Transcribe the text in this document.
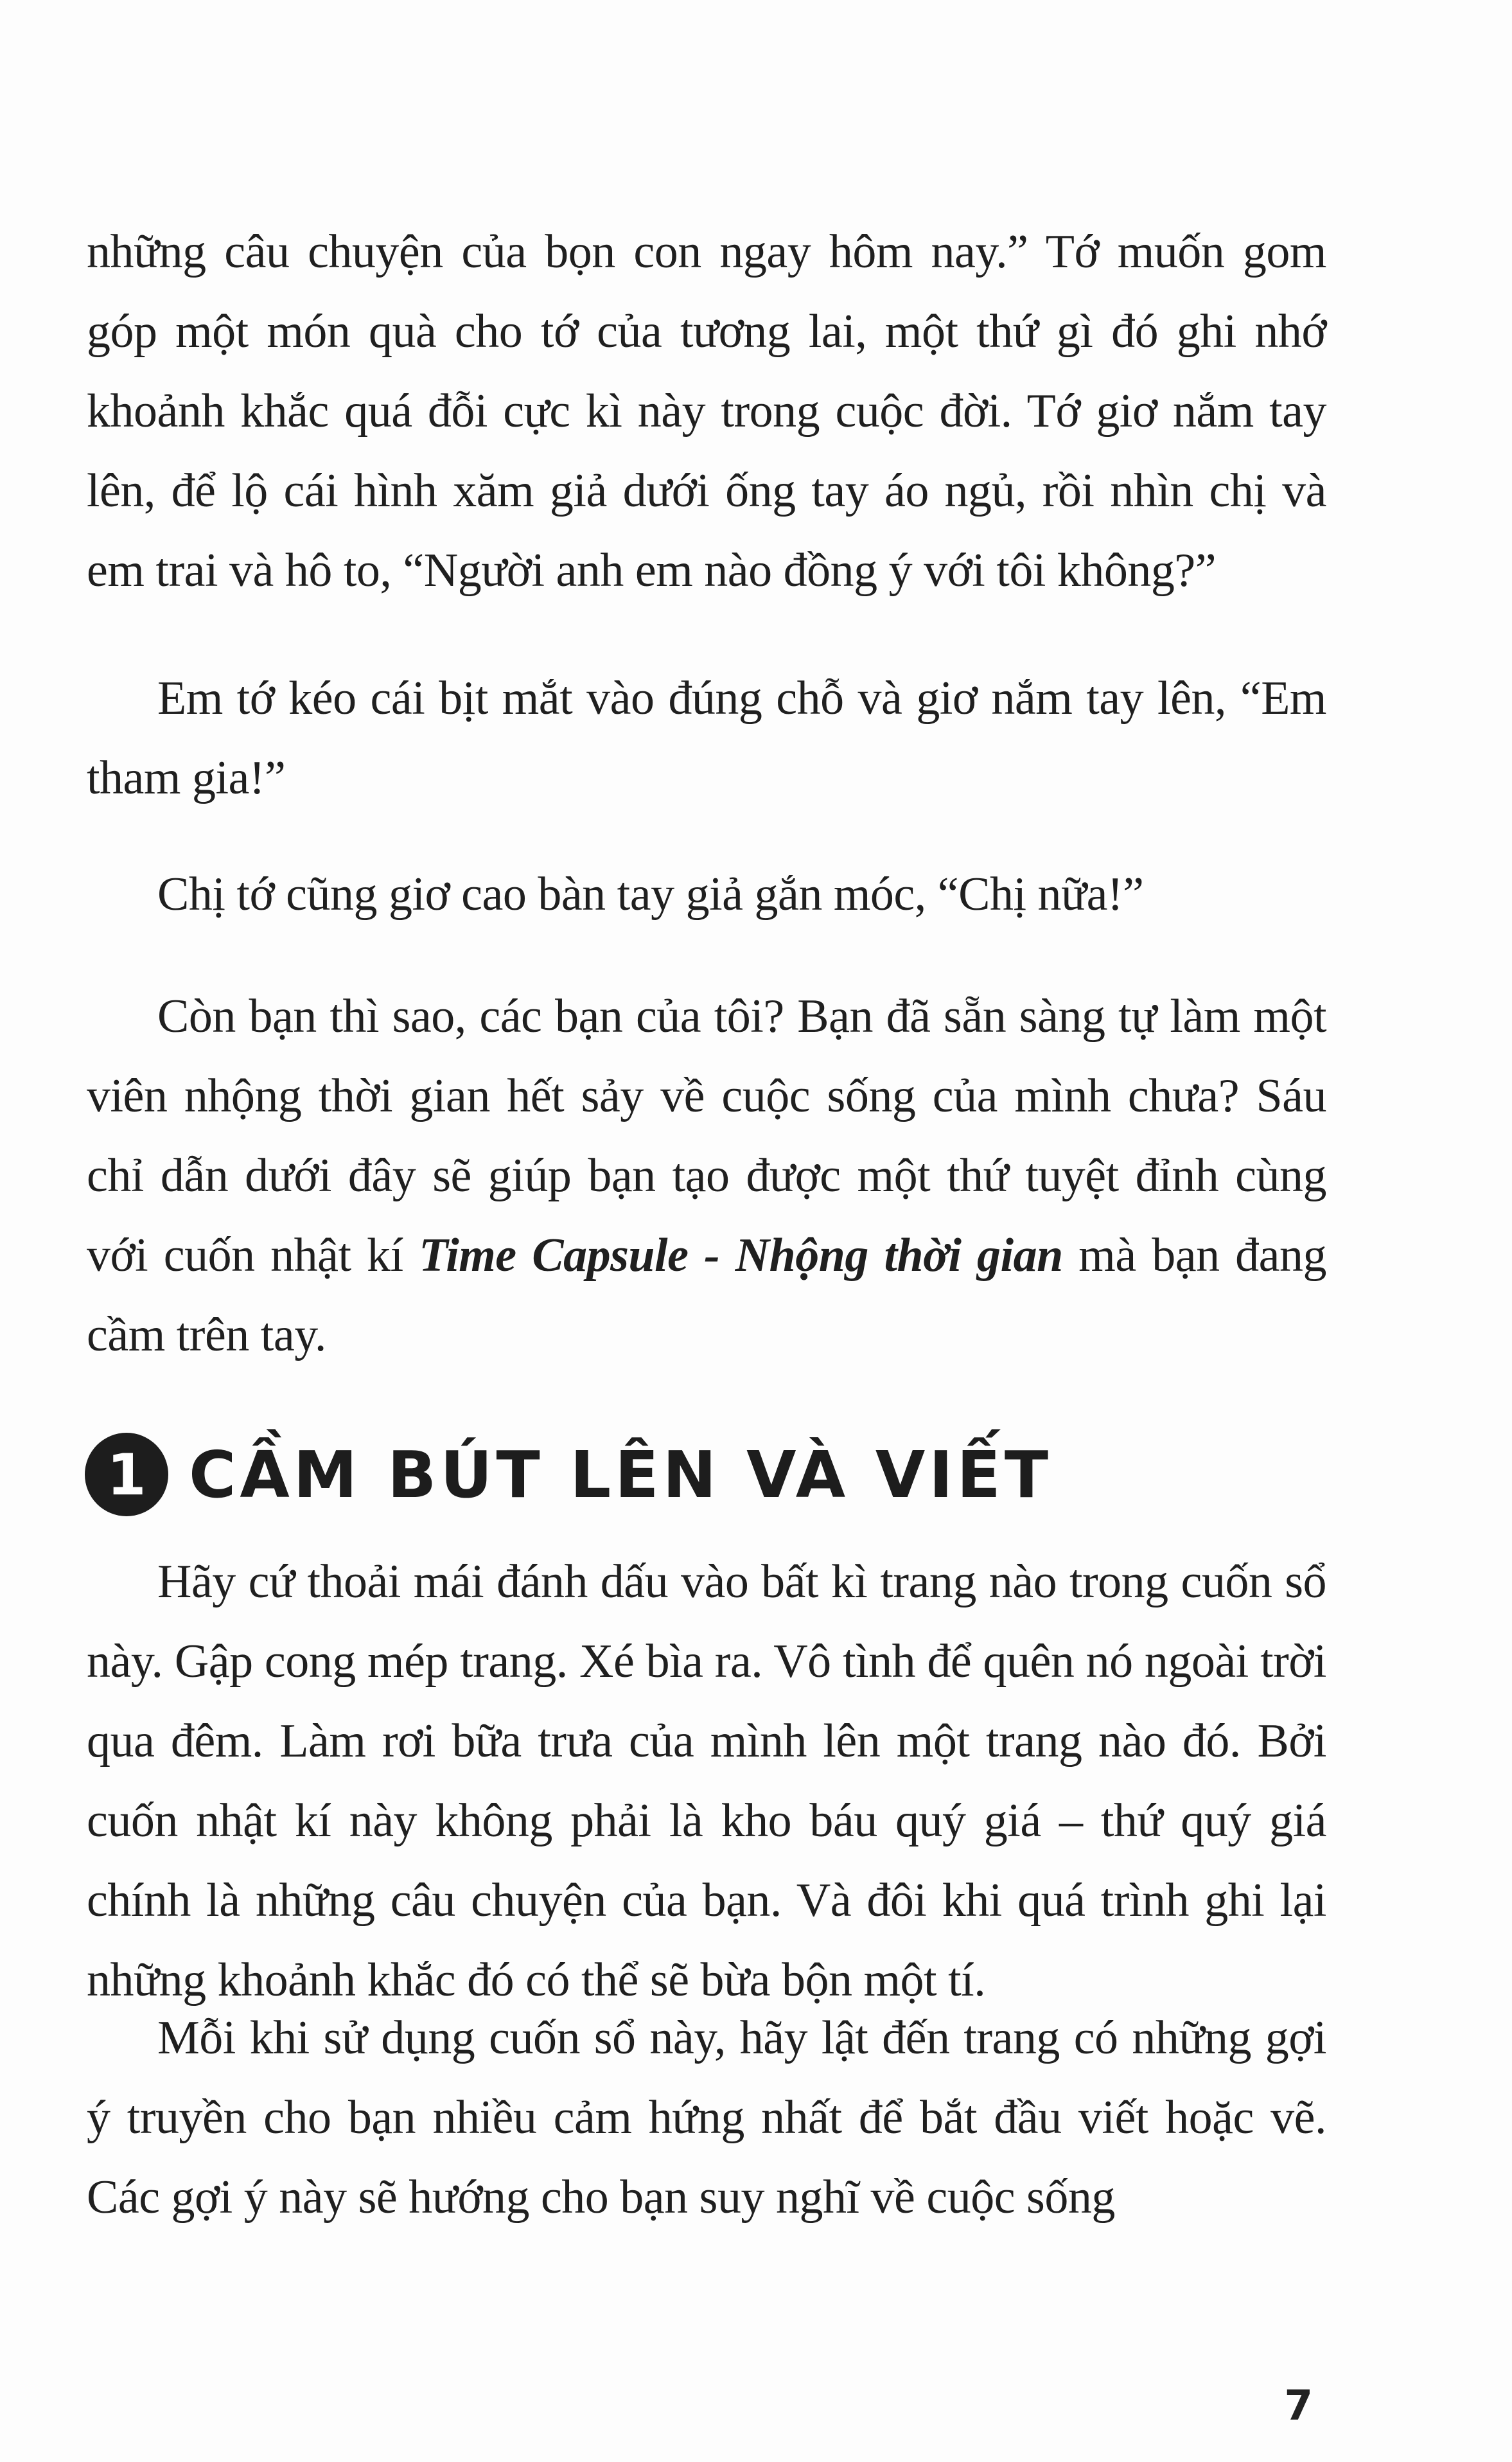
những câu chuyện của bọn con ngay hôm nay.” Tớ muốn gom góp một món quà cho tớ của tương lai, một thứ gì đó ghi nhớ khoảnh khắc quá đỗi cực kì này trong cuộc đời. Tớ giơ nắm tay lên, để lộ cái hình xăm giả dưới ống tay áo ngủ, rồi nhìn chị và em trai và hô to, “Người anh em nào đồng ý với tôi không?”

Em tớ kéo cái bịt mắt vào đúng chỗ và giơ nắm tay lên, “Em tham gia!”

Chị tớ cũng giơ cao bàn tay giả gắn móc, “Chị nữa!”

Còn bạn thì sao, các bạn của tôi? Bạn đã sẵn sàng tự làm một viên nhộng thời gian hết sảy về cuộc sống của mình chưa? Sáu chỉ dẫn dưới đây sẽ giúp bạn tạo được một thứ tuyệt đỉnh cùng với cuốn nhật kí Time Capsule - Nhộng thời gian mà bạn đang cầm trên tay.

1 CẦM BÚT LÊN VÀ VIẾT

Hãy cứ thoải mái đánh dấu vào bất kì trang nào trong cuốn sổ này. Gập cong mép trang. Xé bìa ra. Vô tình để quên nó ngoài trời qua đêm. Làm rơi bữa trưa của mình lên một trang nào đó. Bởi cuốn nhật kí này không phải là kho báu quý giá – thứ quý giá chính là những câu chuyện của bạn. Và đôi khi quá trình ghi lại những khoảnh khắc đó có thể sẽ bừa bộn một tí.

Mỗi khi sử dụng cuốn sổ này, hãy lật đến trang có những gợi ý truyền cho bạn nhiều cảm hứng nhất để bắt đầu viết hoặc vẽ. Các gợi ý này sẽ hướng cho bạn suy nghĩ về cuộc sống

7
